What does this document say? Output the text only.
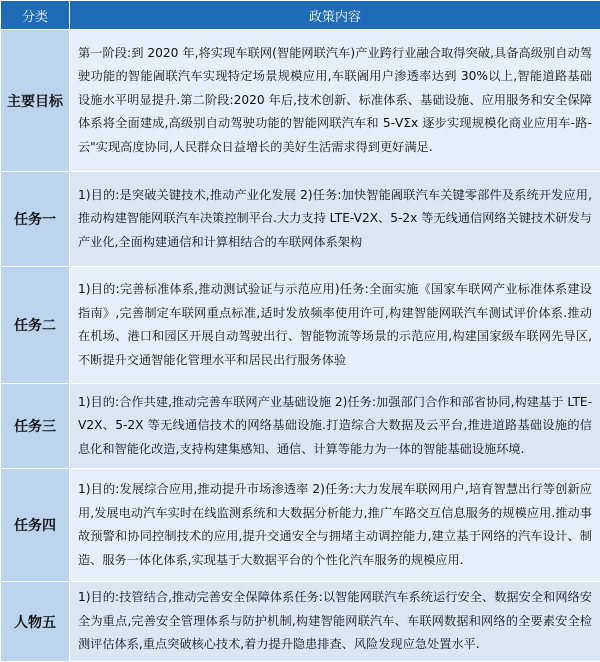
分类	政策内容
主要目标	第一阶段:到 2020 年,将实现车联网(智能网联汽车)产业跨行业融合取得突破,具备高级别自动驾驶功能的智能阇联汽车实现特定场景规模应用,车联阇用户渗透率达到 30%以上,智能道路基础设施水平明显提升.第二阶段:2020 年后,技术创新、标准体系、基础设施、应用服务和安全保障体系将全面建成,高级别自动驾驶功能的智能网联汽车和 5-VΣx 逐步实现规模化商业应用车-路-云"实现高度协同,人民群众日益增长的美好生活需求得到更好满足.
任务一	1)目的:是突破关键技术,推动产业化发展 2)任务:加快智能阇联汽车关键零部件及系统开发应用,推动构建智能网联汽车决策控制平台.大力支持 LTE-V2X、5-2x 等无线通信网络关键技术研发与产业化,全面构建通信和计算相结合的车联网体系架构
任务二	1)目的:完善标准体系,推动测试验证与示范应用)任务:全面实施《国家车联网产业标准体系建设指南》,完善制定车联网重点标准,适时发放频率使用许可,构建智能网联汽车测试评价体系.推动在机场、港口和园区开展自动驾驶出行、智能物流等场景的示范应用,构建国家级车联网先导区,不断提升交通智能化管理水平和居民出行服务体验
任务三	1)目的:合作共建,推动完善车联网产业基础设施 2)任务:加强部门合作和部省协同,构建基于 LTE-V2X、5-2X 等无线通信技术的网络基础设施.打造综合大数据及云平台,推进道路基础设施的信息化和智能化改造,支持构建集感知、通信、计算等能力为一体的智能基础设施环境.
任务四	1)目的:发展综合应用,推动提升市场渗透率 2)任务:大力发展车联网用户,培育智慧出行等创新应用,发展电动汽车实时在线监测系统和大数据分析能力,推广车路交互信息服务的规模应用.推动事故预警和协同控制技术的应用,提升交通安全与拥堵主动调控能力,建立基于网络的汽车设计、制造、服务一体化体系,实现基于大数据平台的个性化汽车服务的规模应用.
人物五	1)目的:技管结合,推动完善安全保障体系任务:以智能网联汽车系统运行安全、数据安全和网络安全为重点,完善安全管理体系与防护机制,构建智能网联汽车、车联网数据和网络的全要素安全检测评估体系,重点突破核心技术,着力提升隐患排查、风险发现应急处置水平.
